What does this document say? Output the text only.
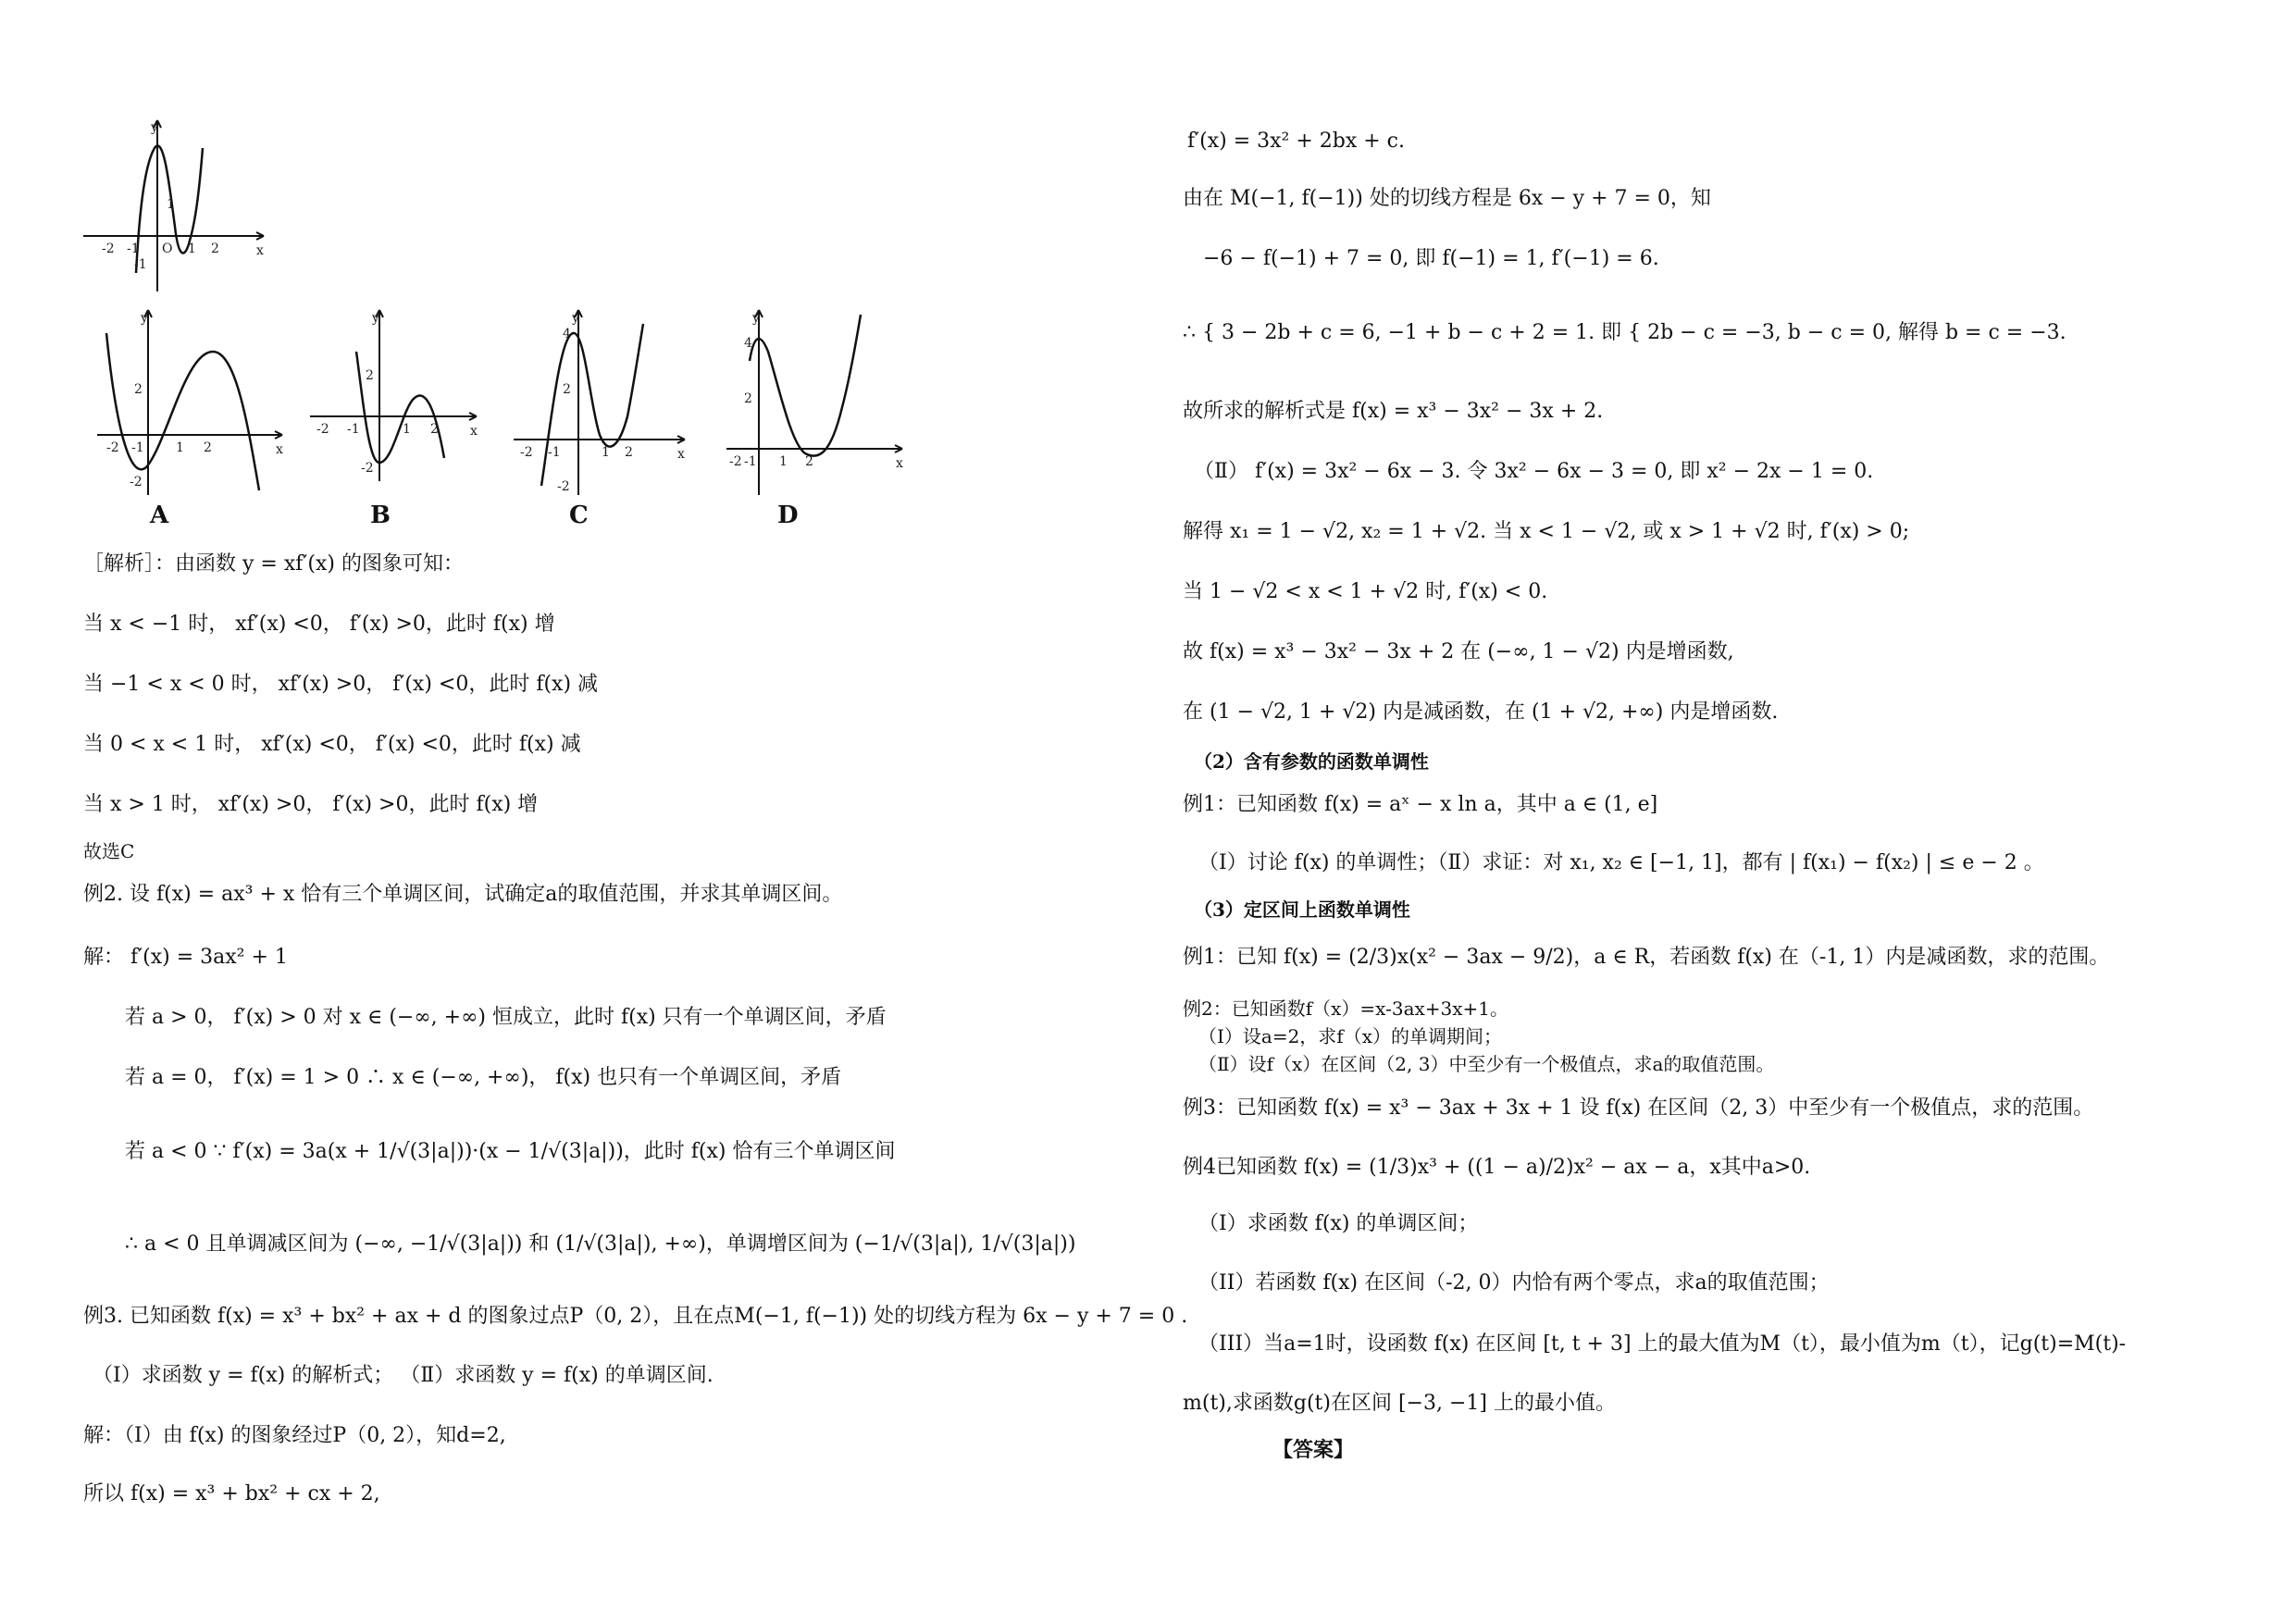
y
x
O
-2 -1	1 2
1
-1
y
x
-2 -1 1 2
2
-2
A
y
x
-2 -1	1 2
2
-2
B
y
x
-2 -1	1 2
4
2
-2
C
y
x
-2 -1 1 2
4
2
D
［解析］：由函数 y = xf′(x) 的图象可知：
当 x < −1 时， xf′(x) <0， f′(x) >0，此时 f(x) 增
当 −1 < x < 0 时， xf′(x) >0， f′(x) <0，此时 f(x) 减
当 0 < x < 1 时， xf′(x) <0， f′(x) <0，此时 f(x) 减
当 x > 1 时， xf′(x) >0， f′(x) >0，此时 f(x) 增
故选C
例2. 设 f(x) = ax³ + x 恰有三个单调区间，试确定a的取值范围，并求其单调区间。
解： f′(x) = 3ax² + 1
若 a > 0， f′(x) > 0 对 x ∈ (−∞, +∞) 恒成立，此时 f(x) 只有一个单调区间，矛盾
若 a = 0， f′(x) = 1 > 0 ∴ x ∈ (−∞, +∞)， f(x) 也只有一个单调区间，矛盾
若 a < 0 ∵ f′(x) = 3a(x + 1/√(3|a|))·(x − 1/√(3|a|))，此时 f(x) 恰有三个单调区间
∴ a < 0 且单调减区间为 (−∞, −1/√(3|a|)) 和 (1/√(3|a|), +∞)，单调增区间为 (−1/√(3|a|), 1/√(3|a|))
例3. 已知函数 f(x) = x³ + bx² + ax + d 的图象过点P（0, 2），且在点M(−1, f(−1)) 处的切线方程为 6x − y + 7 = 0 .
（Ⅰ）求函数 y = f(x) 的解析式； （Ⅱ）求函数 y = f(x) 的单调区间.
解：（Ⅰ）由 f(x) 的图象经过P（0, 2），知d=2,
所以 f(x) = x³ + bx² + cx + 2,
f′(x) = 3x² + 2bx + c.
由在 M(−1, f(−1)) 处的切线方程是 6x − y + 7 = 0，知
−6 − f(−1) + 7 = 0, 即 f(−1) = 1, f′(−1) = 6.
∴ { 3 − 2b + c = 6, −1 + b − c + 2 = 1. 即 { 2b − c = −3, b − c = 0, 解得 b = c = −3.
故所求的解析式是 f(x) = x³ − 3x² − 3x + 2.
（Ⅱ） f′(x) = 3x² − 6x − 3. 令 3x² − 6x − 3 = 0, 即 x² − 2x − 1 = 0.
解得 x₁ = 1 − √2, x₂ = 1 + √2. 当 x < 1 − √2, 或 x > 1 + √2 时, f′(x) > 0;
当 1 − √2 < x < 1 + √2 时, f′(x) < 0.
故 f(x) = x³ − 3x² − 3x + 2 在 (−∞, 1 − √2) 内是增函数,
在 (1 − √2, 1 + √2) 内是减函数，在 (1 + √2, +∞) 内是增函数.
（2）含有参数的函数单调性
例1：已知函数 f(x) = aˣ − x ln a，其中 a ∈ (1, e]
（Ⅰ）讨论 f(x) 的单调性；（Ⅱ）求证：对 x₁, x₂ ∈ [−1, 1]，都有 | f(x₁) − f(x₂) | ≤ e − 2 。
（3）定区间上函数单调性
例1：已知 f(x) = (2/3)x(x² − 3ax − 9/2)，a ∈ R，若函数 f(x) 在（-1, 1）内是减函数，求的范围。
例2：已知函数f（x）=x-3ax+3x+1。
（Ⅰ）设a=2，求f（x）的单调期间；
（Ⅱ）设f（x）在区间（2, 3）中至少有一个极值点，求a的取值范围。
例3：已知函数 f(x) = x³ − 3ax + 3x + 1 设 f(x) 在区间（2, 3）中至少有一个极值点，求的范围。
例4已知函数 f(x) = (1/3)x³ + ((1 − a)/2)x² − ax − a，x其中a>0.
（I）求函数 f(x) 的单调区间；
（II）若函数 f(x) 在区间（-2, 0）内恰有两个零点，求a的取值范围；
（III）当a=1时，设函数 f(x) 在区间 [t, t + 3] 上的最大值为M（t），最小值为m（t），记g(t)=M(t)-
m(t),求函数g(t)在区间 [−3, −1] 上的最小值。
【答案】
